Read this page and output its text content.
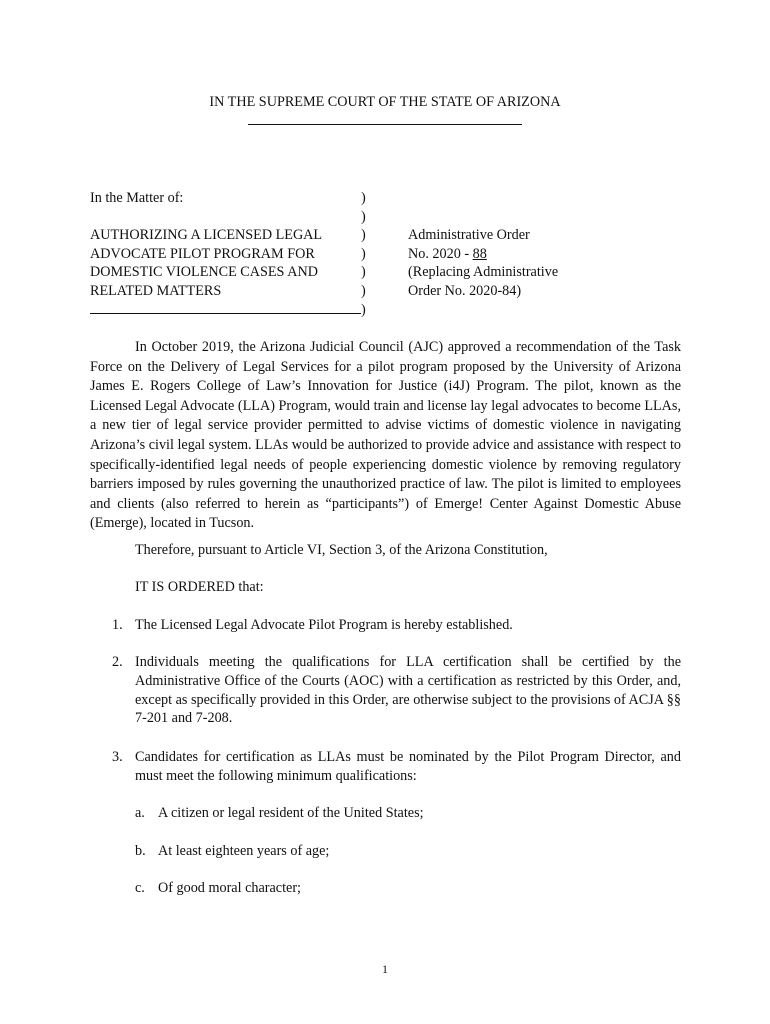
IN THE SUPREME COURT OF THE STATE OF ARIZONA
In the Matter of:
AUTHORIZING A LICENSED LEGAL
ADVOCATE PILOT PROGRAM FOR
DOMESTIC VIOLENCE CASES AND
RELATED MATTERS
)
)
)
)
)
)
)
Administrative Order
No. 2020 - 88
(Replacing Administrative
Order No. 2020-84)
In October 2019, the Arizona Judicial Council (AJC) approved a recommendation of the Task Force on the Delivery of Legal Services for a pilot program proposed by the University of Arizona James E. Rogers College of Law’s Innovation for Justice (i4J) Program. The pilot, known as the Licensed Legal Advocate (LLA) Program, would train and license lay legal advocates to become LLAs, a new tier of legal service provider permitted to advise victims of domestic violence in navigating Arizona’s civil legal system. LLAs would be authorized to provide advice and assistance with respect to specifically-identified legal needs of people experiencing domestic violence by removing regulatory barriers imposed by rules governing the unauthorized practice of law. The pilot is limited to employees and clients (also referred to herein as “participants”) of Emerge! Center Against Domestic Abuse (Emerge), located in Tucson.
Therefore, pursuant to Article VI, Section 3, of the Arizona Constitution,
IT IS ORDERED that:
1. The Licensed Legal Advocate Pilot Program is hereby established.
2. Individuals meeting the qualifications for LLA certification shall be certified by the Administrative Office of the Courts (AOC) with a certification as restricted by this Order, and, except as specifically provided in this Order, are otherwise subject to the provisions of ACJA §§ 7-201 and 7-208.
3. Candidates for certification as LLAs must be nominated by the Pilot Program Director, and must meet the following minimum qualifications:
a. A citizen or legal resident of the United States;
b. At least eighteen years of age;
c. Of good moral character;
1
